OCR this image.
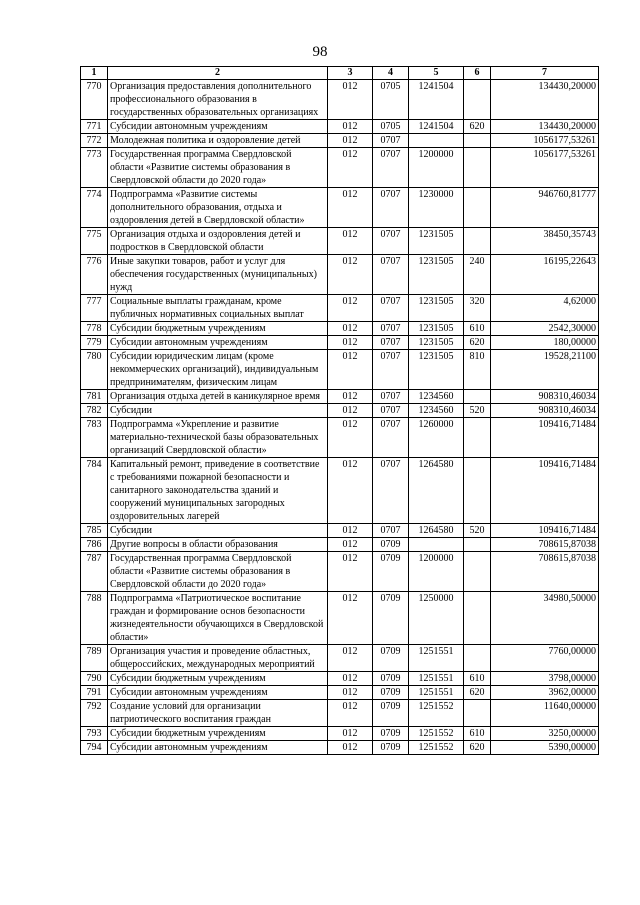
98
1	2	3	4	5	6	7
770	Организация предоставления дополнительного профессионального образования в государственных образовательных организациях	012	0705	1241504		134430,20000
771	Субсидии автономным учреждениям	012	0705	1241504	620	134430,20000
772	Молодежная политика и оздоровление детей	012	0707			1056177,53261
773	Государственная программа Свердловской области «Развитие системы образования в Свердловской области до 2020 года»	012	0707	1200000		1056177,53261
774	Подпрограмма «Развитие системы дополнительного образования, отдыха и оздоровления детей в Свердловской области»	012	0707	1230000		946760,81777
775	Организация отдыха и оздоровления детей и подростков в Свердловской области	012	0707	1231505		38450,35743
776	Иные закупки товаров, работ и услуг для обеспечения государственных (муниципальных) нужд	012	0707	1231505	240	16195,22643
777	Социальные выплаты гражданам, кроме публичных нормативных социальных выплат	012	0707	1231505	320	4,62000
778	Субсидии бюджетным учреждениям	012	0707	1231505	610	2542,30000
779	Субсидии автономным учреждениям	012	0707	1231505	620	180,00000
780	Субсидии юридическим лицам (кроме некоммерческих организаций), индивидуальным предпринимателям, физическим лицам	012	0707	1231505	810	19528,21100
781	Организация отдыха детей в каникулярное время	012	0707	1234560		908310,46034
782	Субсидии	012	0707	1234560	520	908310,46034
783	Подпрограмма «Укрепление и развитие материально-технической базы образовательных организаций Свердловской области»	012	0707	1260000		109416,71484
784	Капитальный ремонт, приведение в соответствие с требованиями пожарной безопасности и санитарного законодательства зданий и сооружений муниципальных загородных оздоровительных лагерей	012	0707	1264580		109416,71484
785	Субсидии	012	0707	1264580	520	109416,71484
786	Другие вопросы в области образования	012	0709			708615,87038
787	Государственная программа Свердловской области «Развитие системы образования в Свердловской области до 2020 года»	012	0709	1200000		708615,87038
788	Подпрограмма «Патриотическое воспитание граждан и формирование основ безопасности жизнедеятельности обучающихся в Свердловской области»	012	0709	1250000		34980,50000
789	Организация участия и проведение областных, общероссийских, международных мероприятий	012	0709	1251551		7760,00000
790	Субсидии бюджетным учреждениям	012	0709	1251551	610	3798,00000
791	Субсидии автономным учреждениям	012	0709	1251551	620	3962,00000
792	Создание условий для организации патриотического воспитания граждан	012	0709	1251552		11640,00000
793	Субсидии бюджетным учреждениям	012	0709	1251552	610	3250,00000
794	Субсидии автономным учреждениям	012	0709	1251552	620	5390,00000
